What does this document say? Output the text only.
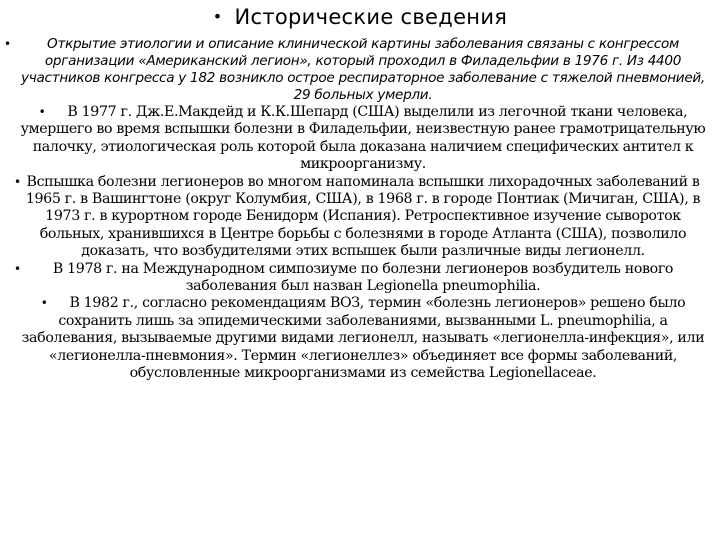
• Исторические сведения
•	Открытие этиологии и описание клинической картины заболевания связаны с конгрессом организации «Американский легион», который проходил в Филадельфии в 1976 г. Из 4400 участников конгресса у 182 возникло острое респираторное заболевание с тяжелой пневмонией, 29 больных умерли.
• В 1977 г. Дж.Е.Макдейд и К.К.Шепард (США) выделили из легочной ткани человека, умершего во время вспышки болезни в Филадельфии, неизвестную ранее грамотрицательную палочку, этиологическая роль которой была доказана наличием специфических антител к микроорганизму.
• Вспышка болезни легионеров во многом напоминала вспышки лихорадочных заболеваний в 1965 г. в Вашингтоне (округ Колумбия, США), в 1968 г. в городе Понтиак (Мичиган, США), в 1973 г. в курортном городе Бенидорм (Испания). Ретроспективное изучение сывороток больных, хранившихся в Центре борьбы с болезнями в городе Атланта (США), позволило доказать, что возбудителями этих вспышек были различные виды легионелл.
• В 1978 г. на Международном симпозиуме по болезни легионеров возбудитель нового заболевания был назван Legionella pneumophilia.
• В 1982 г., согласно рекомендациям ВОЗ, термин «болезнь легионеров» решено было сохранить лишь за эпидемическими заболеваниями, вызванными L. pneumophilia, а заболевания, вызываемые другими видами легионелл, называть «легионелла-инфекция», или «легионелла-пневмония». Термин «легионеллез» объединяет все формы заболеваний, обусловленные микроорганизмами из семейства Legionellaceae.
